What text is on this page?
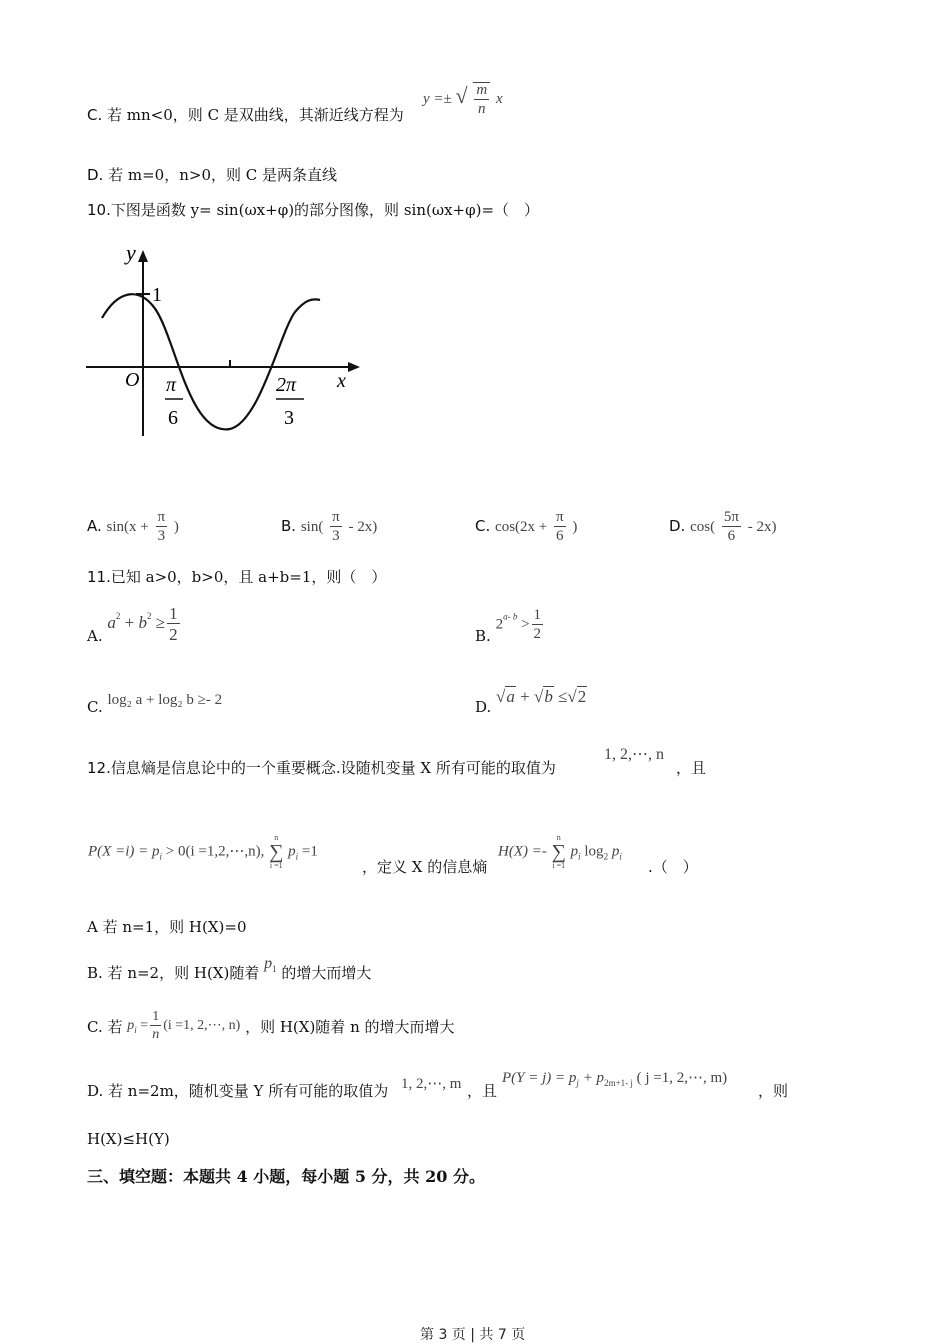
C. 若 mn<0，则 C 是双曲线，其渐近线方程为
y =± √ $\frac{m}{n}$ x
D. 若 m=0，n>0，则 C 是两条直线
10.下图是函数 y= sin(ωx+φ)的部分图像，则 sin(ωx+φ)=（　）
y
x
O
1
π
6
2π
3
A. $\sin(x + \frac{\pi}{3}$ )	B. $\sin( \frac{\pi}{3} - 2x)$	C. $\cos(2x + \frac{\pi}{6}$ )	D. $\cos( \frac{5\pi}{6} - 2x)$
11.已知 a>0，b>0，且 a+b=1，则（　）
A. $a^2 + b^2 \ge \frac{1}{2}$	B. $2^{a- b} > \frac{1}{2}$
C. log₂ a + log₂ b ≥- 2	D. √a + √b ≤√2
12.信息熵是信息论中的一个重要概念.设随机变量 X 所有可能的取值为
1, 2,⋯, n
，且
$P(X =i) = p_i > 0(i$ =1,2,⋯,n),
n
∑
i =1
$p_i =1$
，定义 X 的信息熵
H(X) =-
n
∑
i =1
$p_i$ $\log_2 p_i$
.（　）
A 若 n=1，则 H(X)=0
B. 若 n=2，则 H(X)随着 $p_1$ 的增大而增大
C. 若 $p_i = \frac{1}{n} (i =1$, 2,⋯, n) ，则 H(X)随着 n 的增大而增大
D. 若 n=2m，随机变量 Y 所有可能的取值为 1, 2,⋯, m ，且
$P(Y = j) = p_j + p_{2m+1- j}$ ( j =1, 2,⋯, m)
，则
H(X)≤H(Y)
三、填空题：本题共 4 小题，每小题 5 分，共 20 分。
第 3 页 | 共 7 页
